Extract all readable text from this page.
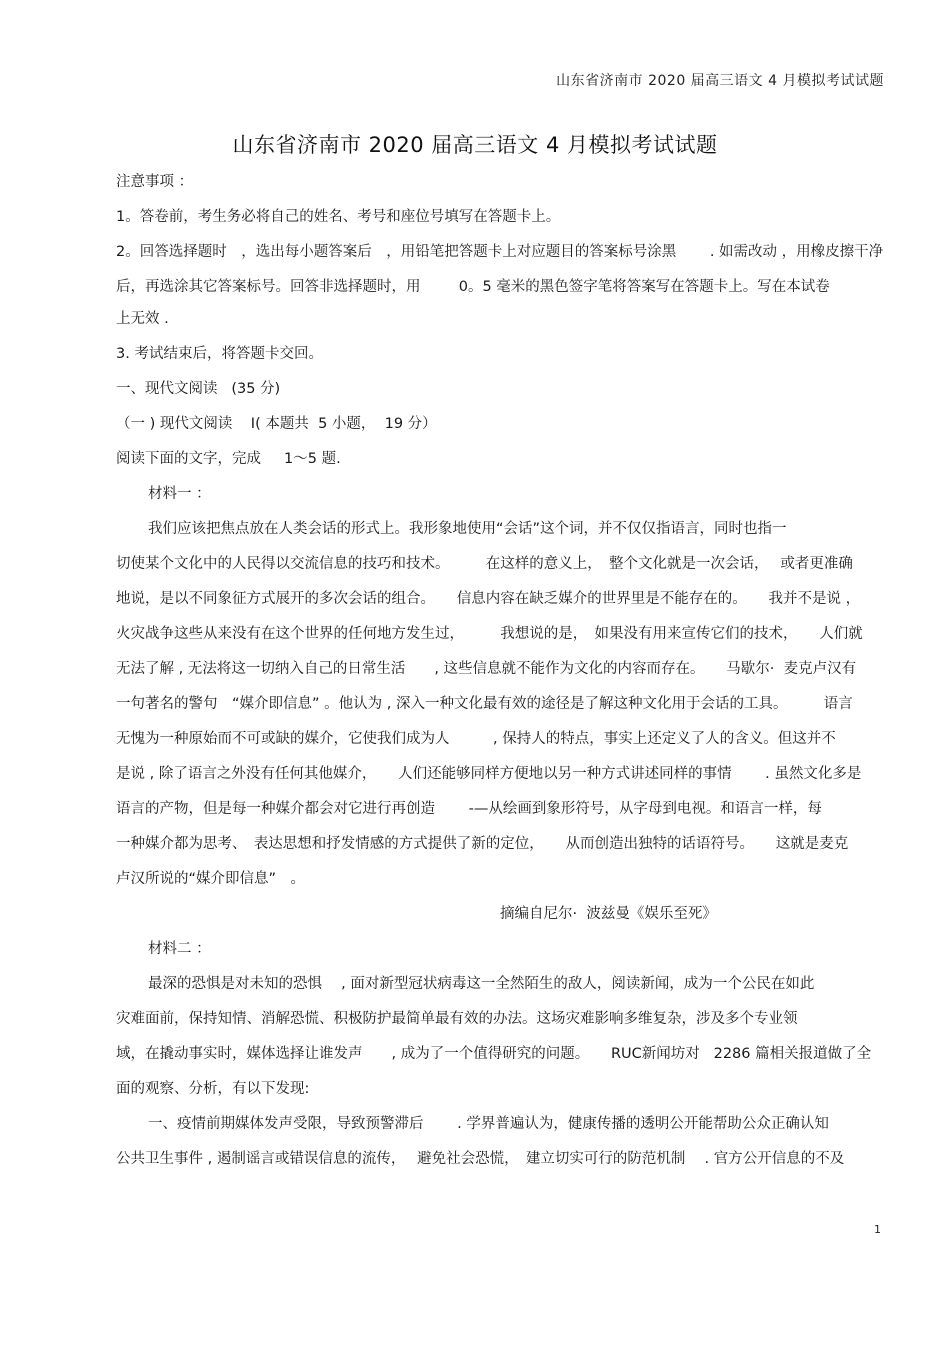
山东省济南市 2020 届高三语文 4 月模拟考试试题
山东省济南市 2020 届高三语文 4 月模拟考试试题
注意事项 ：
1。答卷前，考生务必将自己的姓名、考号和座位号填写在答题卡上。
2。回答选择题时　，选出每小题答案后　，用铅笔把答题卡上对应题目的答案标号涂黑　　 . 如需改动 ，用橡皮擦干净
后，再选涂其它答案标号。回答非选择题时，用　　  0。5 毫米的黑色签字笔将答案写在答题卡上。写在本试卷
上无效 .
3. 考试结束后，将答题卡交回。
一、现代文阅读   (35 分)
（一 ) 现代文阅读    I( 本题共  5 小题，  19 分）
阅读下面的文字，完成     1～5 题.
材料一 ：
我们应该把焦点放在人类会话的形式上。我形象地使用“会话”这个词，并不仅仅指语言，同时也指一
切使某个文化中的人民得以交流信息的技巧和技术。　　　在这样的意义上，　整个文化就是一次会话，　 或者更准确
地说，是以不同象征方式展开的多次会话的组合。　　信息内容在缺乏媒介的世界里是不能存在的。　　我并不是说 ，
火灾战争这些从来没有在这个世界的任何地方发生过，　　　我想说的是，　如果没有用来宣传它们的技术，　　人们就
无法了解 , 无法将这一切纳入自己的日常生活　　, 这些信息就不能作为文化的内容而存在。　　马歇尔·  麦克卢汉有
一句著名的警句　“媒介即信息” 。他认为 , 深入一种文化最有效的途径是了解这种文化用于会话的工具。　　　语言
无愧为一种原始而不可或缺的媒介，它使我们成为人　　　, 保持人的特点，事实上还定义了人的含义。但这并不
是说 , 除了语言之外没有任何其他媒介，　　人们还能够同样方便地以另一种方式讲述同样的事情　　 . 虽然文化多是
语言的产物，但是每一种媒介都会对它进行再创造　　 -—从绘画到象形符号，从字母到电视。和语言一样，每
一种媒介都为思考、　表达思想和抒发情感的方式提供了新的定位，　　从而创造出独特的话语符号。　　这就是麦克
卢汉所说的“媒介即信息”　。
摘编自尼尔·  波兹曼《娱乐至死》
材料二 ：
最深的恐惧是对未知的恐惧　 , 面对新型冠状病毒这一全然陌生的敌人，阅读新闻，成为一个公民在如此
灾难面前，保持知情、消解恐慌、积极防护最简单最有效的办法。这场灾难影响多维复杂，涉及多个专业领
域，在撬动事实时，媒体选择让谁发声　　, 成为了一个值得研究的问题。　　RUC新闻坊对   2286 篇相关报道做了全
面的观察、分析，有以下发现:
一、疫情前期媒体发声受限，导致预警滞后　　 . 学界普遍认为，健康传播的透明公开能帮助公众正确认知
公共卫生事件 , 遏制谣言或错误信息的流传，　 避免社会恐慌，　建立切实可行的防范机制　 . 官方公开信息的不及
1
